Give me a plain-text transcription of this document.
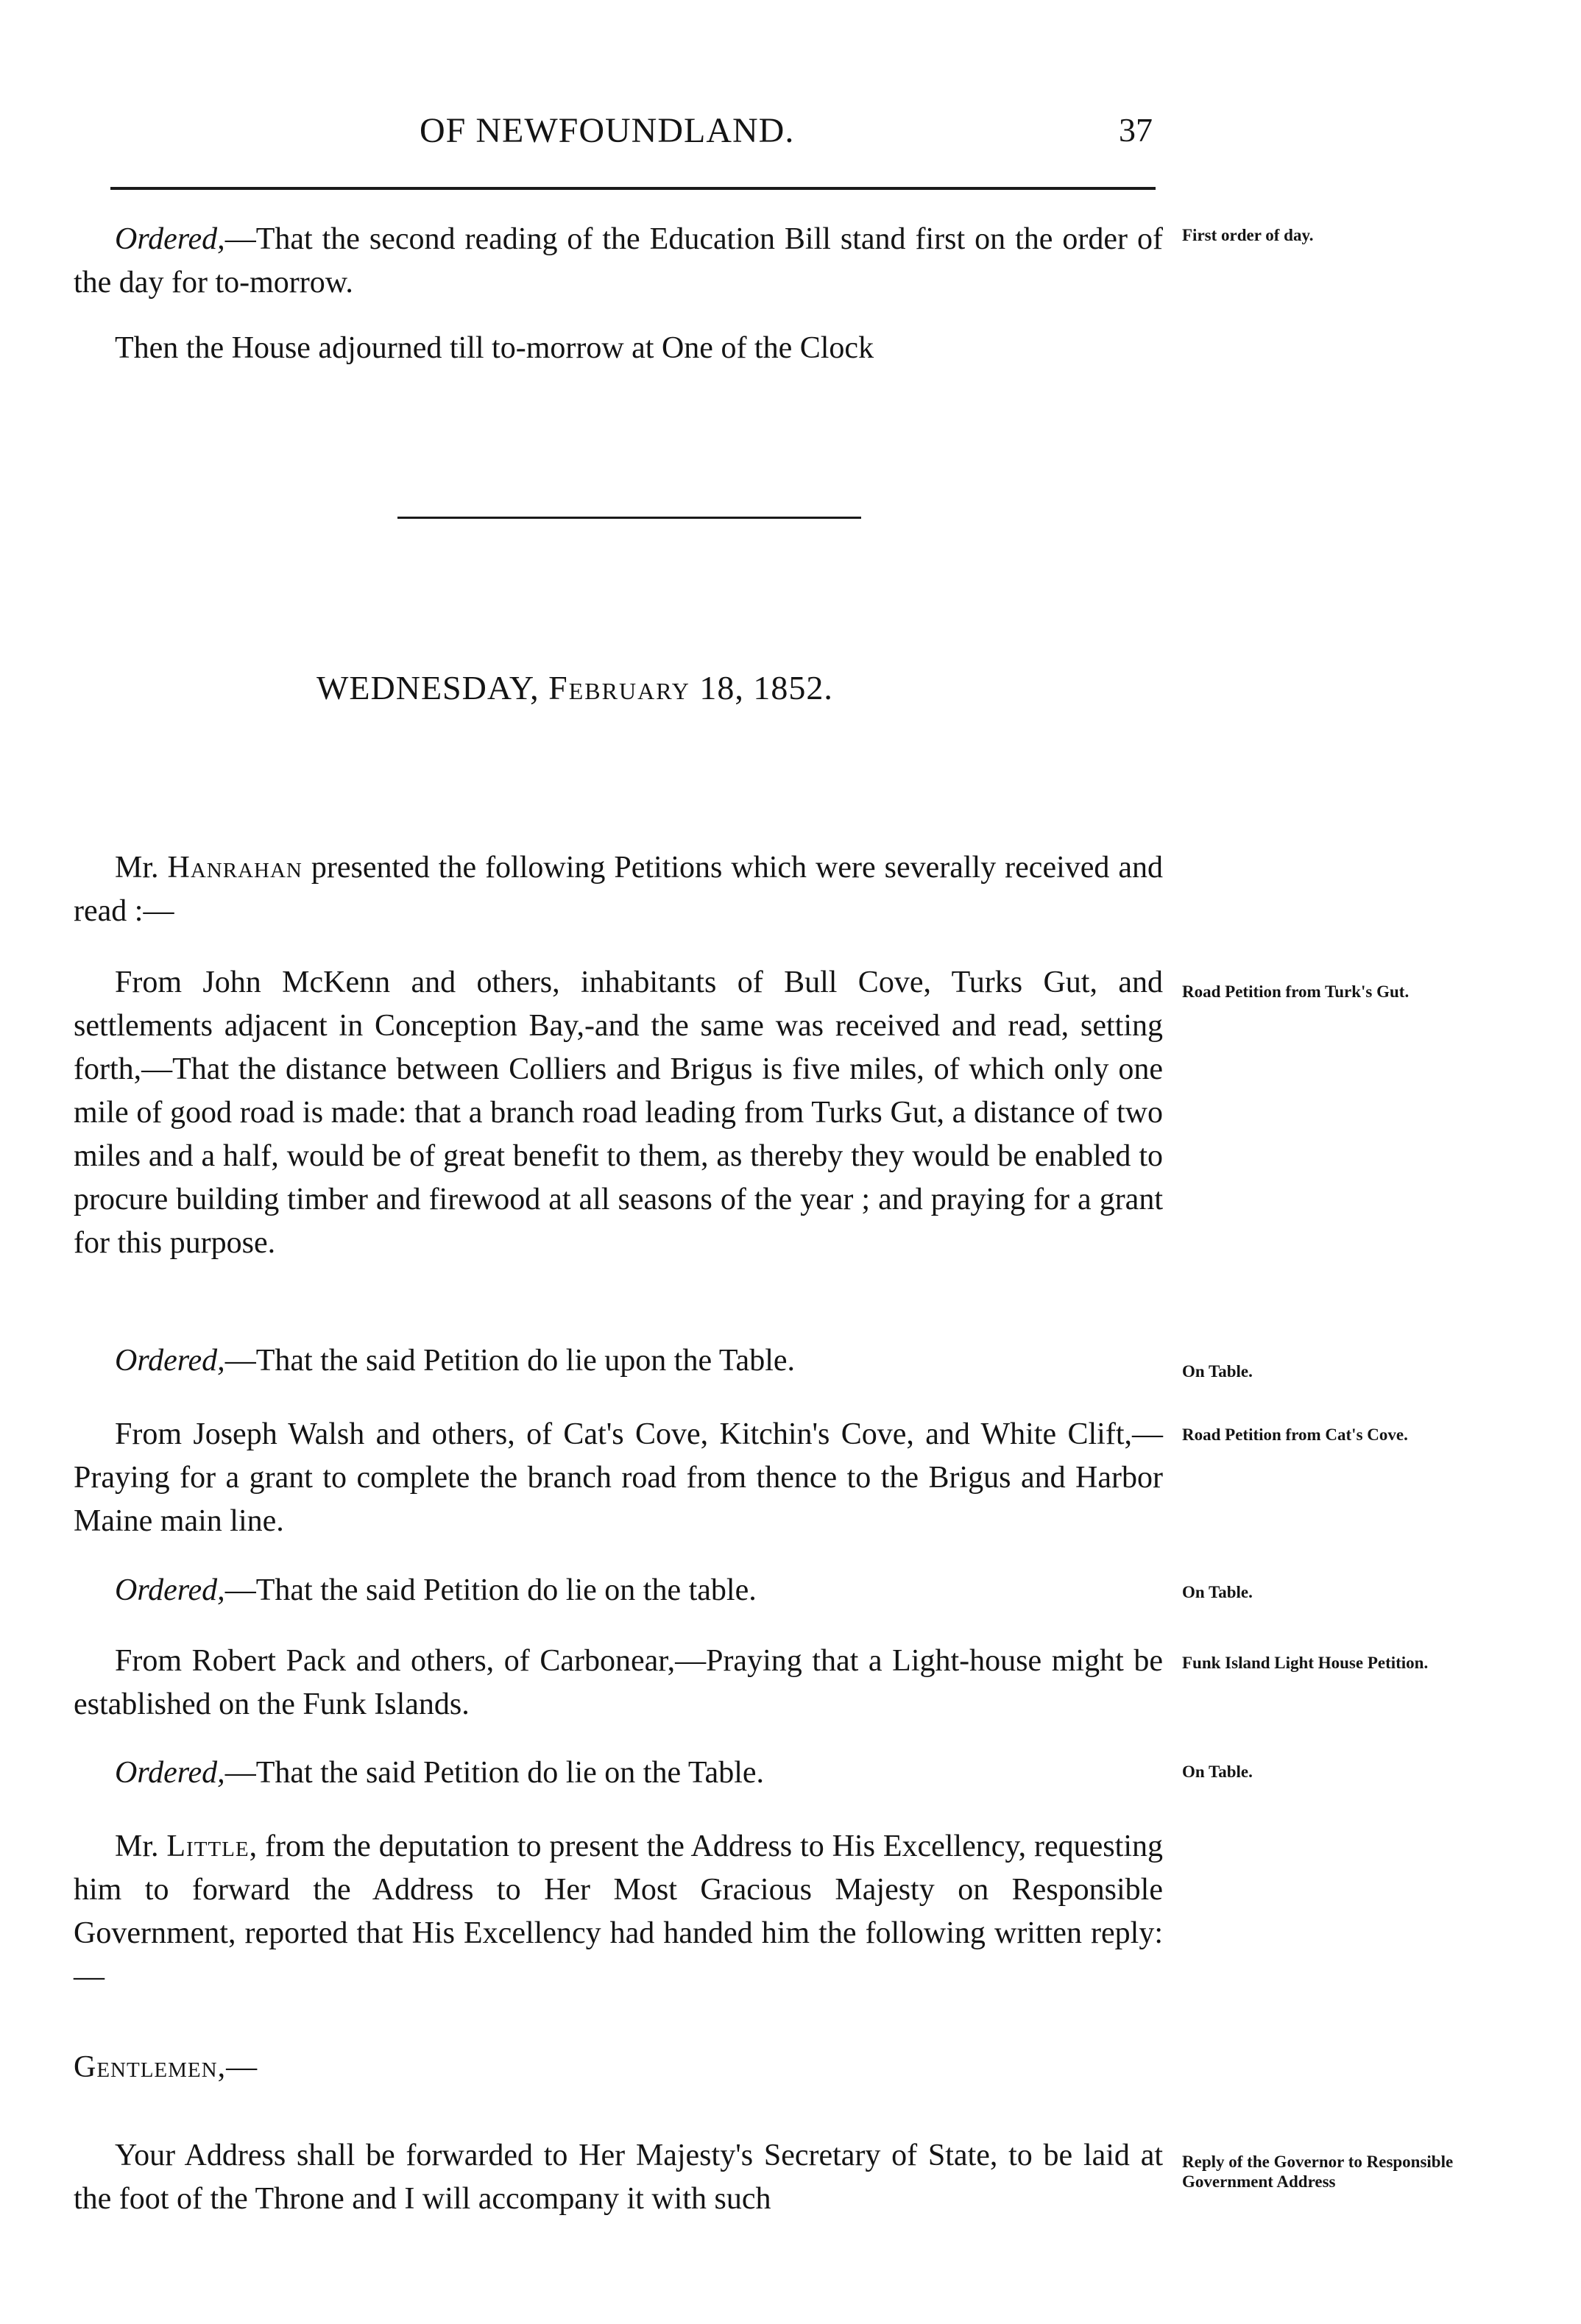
OF NEWFOUNDLAND.	37

Ordered,—That the second reading of the Education Bill stand first on the order of the day for to-morrow.

Then the House adjourned till to-morrow at One of the Clock

WEDNESDAY, February 18, 1852.

Mr. Hanrahan presented the following Petitions which were severally received and read :—

From John McKenn and others, inhabitants of Bull Cove, Turks Gut, and settlements adjacent in Conception Bay,-and the same was received and read, setting forth,—That the distance between Colliers and Brigus is five miles, of which only one mile of good road is made: that a branch road leading from Turks Gut, a distance of two miles and a half, would be of great benefit to them, as thereby they would be enabled to procure building timber and firewood at all seasons of the year ; and praying for a grant for this purpose.

Ordered,—That the said Petition do lie upon the Table.

From Joseph Walsh and others, of Cat's Cove, Kitchin's Cove, and White Clift,—Praying for a grant to complete the branch road from thence to the Brigus and Harbor Maine main line.

Ordered,—That the said Petition do lie on the table.

From Robert Pack and others, of Carbonear,—Praying that a Light-house might be established on the Funk Islands.

Ordered,—That the said Petition do lie on the Table.

Mr. Little, from the deputation to present the Address to His Excellency, requesting him to forward the Address to Her Most Gracious Majesty on Responsible Government, reported that His Excellency had handed him the following written reply:—

Gentlemen,—

Your Address shall be forwarded to Her Majesty's Secretary of State, to be laid at the foot of the Throne and I will accompany it with such

First order of day.
Road Petition from Turk's Gut.
On Table.
Road Petition from Cat's Cove.
On Table.
Funk Island Light House Petition.
On Table.
Reply of the Governor to Responsible Government Address
